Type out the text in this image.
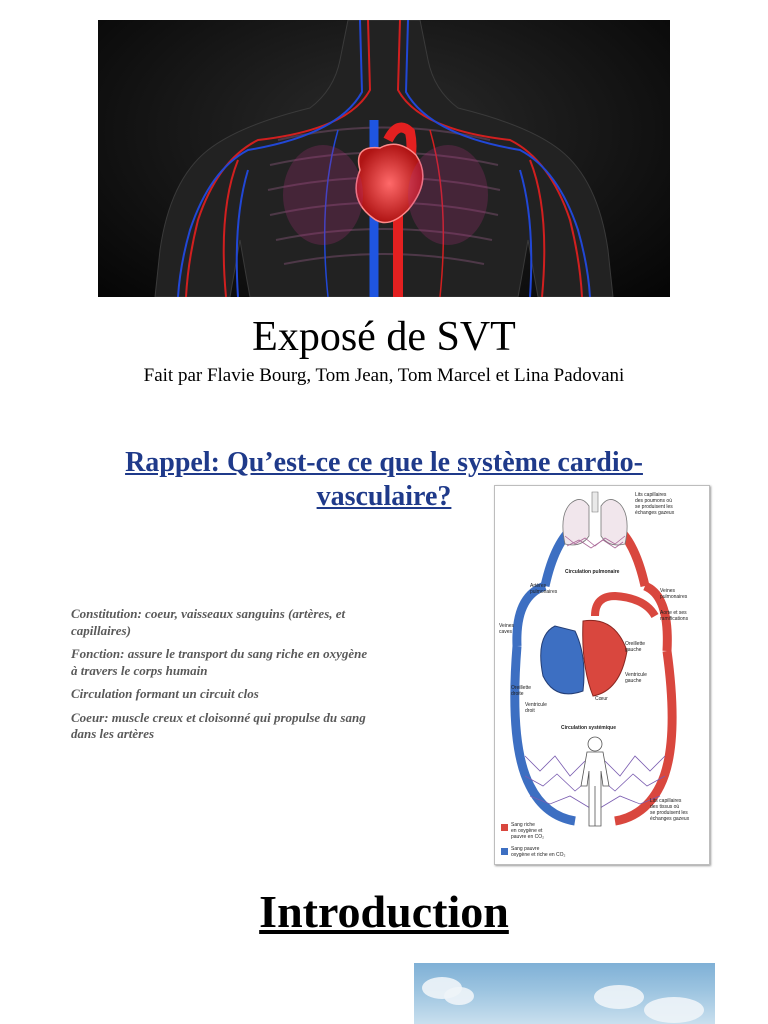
Exposé de SVT
Fait par Flavie Bourg, Tom Jean, Tom Marcel et Lina Padovani
Rappel: Qu’est-ce ce que le système cardio-vasculaire?

Constitution: coeur, vaisseaux sanguins (artères, et capillaires)

Fonction: assure le transport du sang riche en oxygène à travers le corps humain

Circulation formant un circuit clos

Coeur: muscle creux et cloisonné qui propulse du sang dans les artères

Lits capillaires
des poumons où
se produisent les
échanges gazeux
Circulation pulmonaire
Artères
pulmonaires	Veines
pulmonaires
Aorte et ses
ramifications
Veines
caves
Oreillette
gauche
Ventricule
gauche
Oreillette
droite
Cœur
Ventricule
droit
Circulation systémique
Lits capillaires
des tissus où
se produisent les
échanges gazeux
Sang riche
en oxygène et
pauvre en CO₂
Sang pauvre
oxygène et riche en CO₂
Introduction
